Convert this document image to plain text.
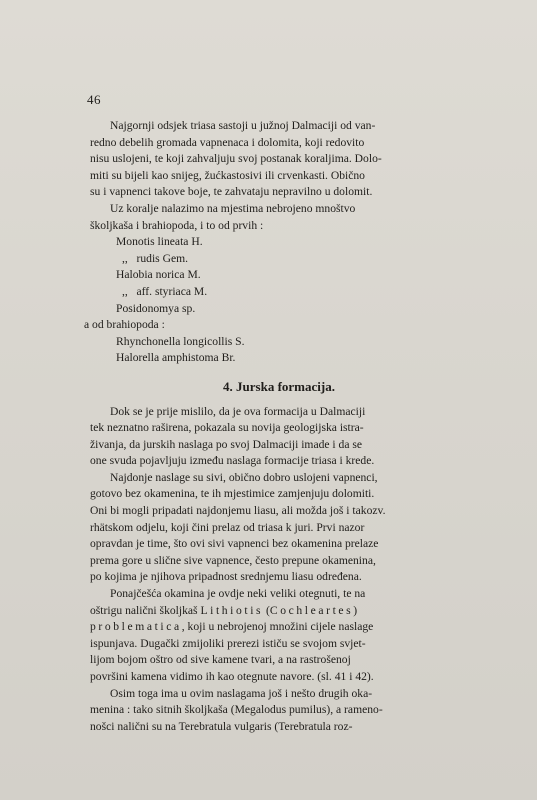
46
Najgornji odsjek triasa sastoji u južnoj Dalmaciji od van-
redno debelih gromada vapnenaca i dolomita, koji redovito
nisu uslojeni, te koji zahvaljuju svoj postanak koraljima. Dolo-
miti su bijeli kao snijeg, žućkastosivi ili crvenkasti. Obično
su i vapnenci takove boje, te zahvataju nepravilno u dolomit.
Uz koralje nalazimo na mjestima nebrojeno mnoštvo
školjkaša i brahiopoda, i to od prvih :
Monotis lineata H.
,,   rudis Gem.
Halobia norica M.
,,   aff. styriaca M.
Posidonomya sp.
a od brahiopoda :
Rhynchonella longicollis S.
Halorella amphistoma Br.
4. Jurska formacija.
Dok se je prije mislilo, da je ova formacija u Dalmaciji
tek neznatno raširena, pokazala su novija geologijska istra-
živanja, da jurskih naslaga po svoj Dalmaciji imade i da se
one svuda pojavljuju između naslaga formacije triasa i krede.
Najdonje naslage su sivi, obično dobro uslojeni vapnenci,
gotovo bez okamenina, te ih mjestimice zamjenjuju dolomiti.
Oni bi mogli pripadati najdonjemu liasu, ali možda još i takozv.
rhätskom odjelu, koji čini prelaz od triasa k juri. Prvi nazor
opravdan je time, što ovi sivi vapnenci bez okamenina prelaze
prema gore u slične sive vapnence, često prepune okamenina,
po kojima je njihova pripadnost srednjemu liasu određena.
Ponajčešća okamina je ovdje neki veliki otegnuti, te na
oštrigu nalični školjkaš Lithiotis (Cochleartes)
problematica, koji u nebrojenoj množini cijele naslage
ispunjava. Dugački zmijoliki prerezi ističu se svojom svjet-
lijom bojom oštro od sive kamene tvari, a na rastrošenoj
površini kamena vidimo ih kao otegnute navore. (sl. 41 i 42).
Osim toga ima u ovim naslagama još i nešto drugih oka-
menina : tako sitnih školjkaša (Megalodus pumilus), a rameno-
nošci nalični su na Terebratula vulgaris (Terebratula roz-
